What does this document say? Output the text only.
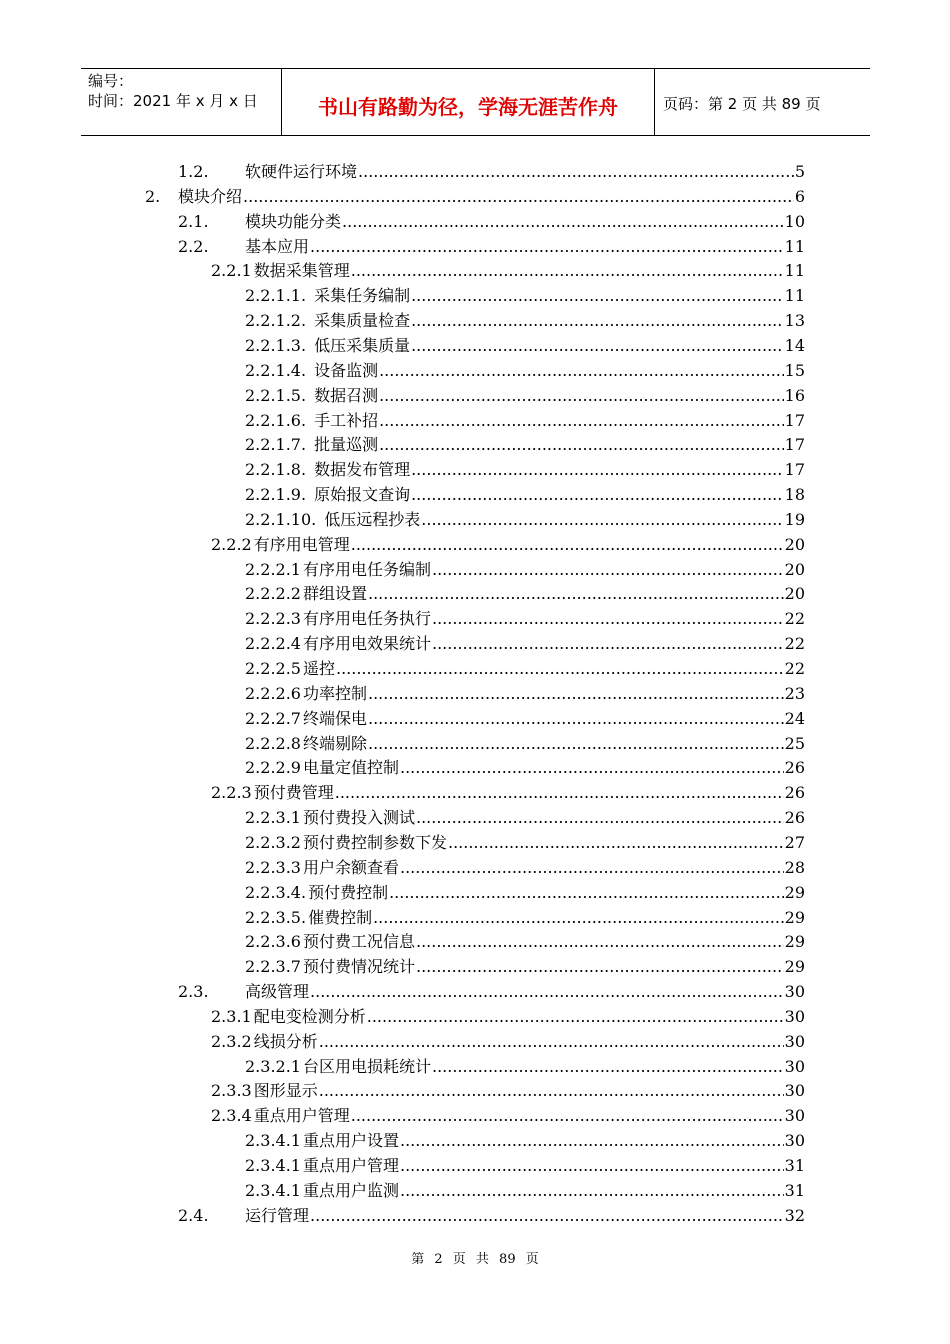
编号：
时间：2021 年 x 月 x 日	书山有路勤为径，学海无涯苦作舟	页码：第 2 页 共 89 页
1.2.	软硬件运行环境 .....	5
2.	模块介绍 .....	6
2.1.	模块功能分类 .....	10
2.2.	基本应用 .....	11
2.2.1 数据采集管理 .....	11
2.2.1.1. 采集任务编制 .....	11
2.2.1.2. 采集质量检查 .....	13
2.2.1.3. 低压采集质量 .....	14
2.2.1.4. 设备监测 .....	15
2.2.1.5. 数据召测 .....	16
2.2.1.6. 手工补招 .....	17
2.2.1.7. 批量巡测 .....	17
2.2.1.8. 数据发布管理 .....	17
2.2.1.9. 原始报文查询 .....	18
2.2.1.10. 低压远程抄表 .....	19
2.2.2 有序用电管理 .....	20
2.2.2.1 有序用电任务编制 .....	20
2.2.2.2 群组设置 .....	20
2.2.2.3 有序用电任务执行 .....	22
2.2.2.4 有序用电效果统计 .....	22
2.2.2.5 遥控 .....	22
2.2.2.6 功率控制 .....	23
2.2.2.7 终端保电 .....	24
2.2.2.8 终端剔除 .....	25
2.2.2.9 电量定值控制 .....	26
2.2.3 预付费管理 .....	26
2.2.3.1 预付费投入测试 .....	26
2.2.3.2 预付费控制参数下发 .....	27
2.2.3.3 用户余额查看 .....	28
2.2.3.4. 预付费控制 .....	29
2.2.3.5. 催费控制 .....	29
2.2.3.6 预付费工况信息 .....	29
2.2.3.7 预付费情况统计 .....	29
2.3.	高级管理 .....	30
2.3.1 配电变检测分析 .....	30
2.3.2 线损分析 .....	30
2.3.2.1 台区用电损耗统计 .....	30
2.3.3 图形显示 .....	30
2.3.4 重点用户管理 .....	30
2.3.4.1 重点用户设置 .....	30
2.3.4.1 重点用户管理 .....	31
2.3.4.1 重点用户监测 .....	31
2.4.	运行管理 .....	32
第 2 页 共 89 页
